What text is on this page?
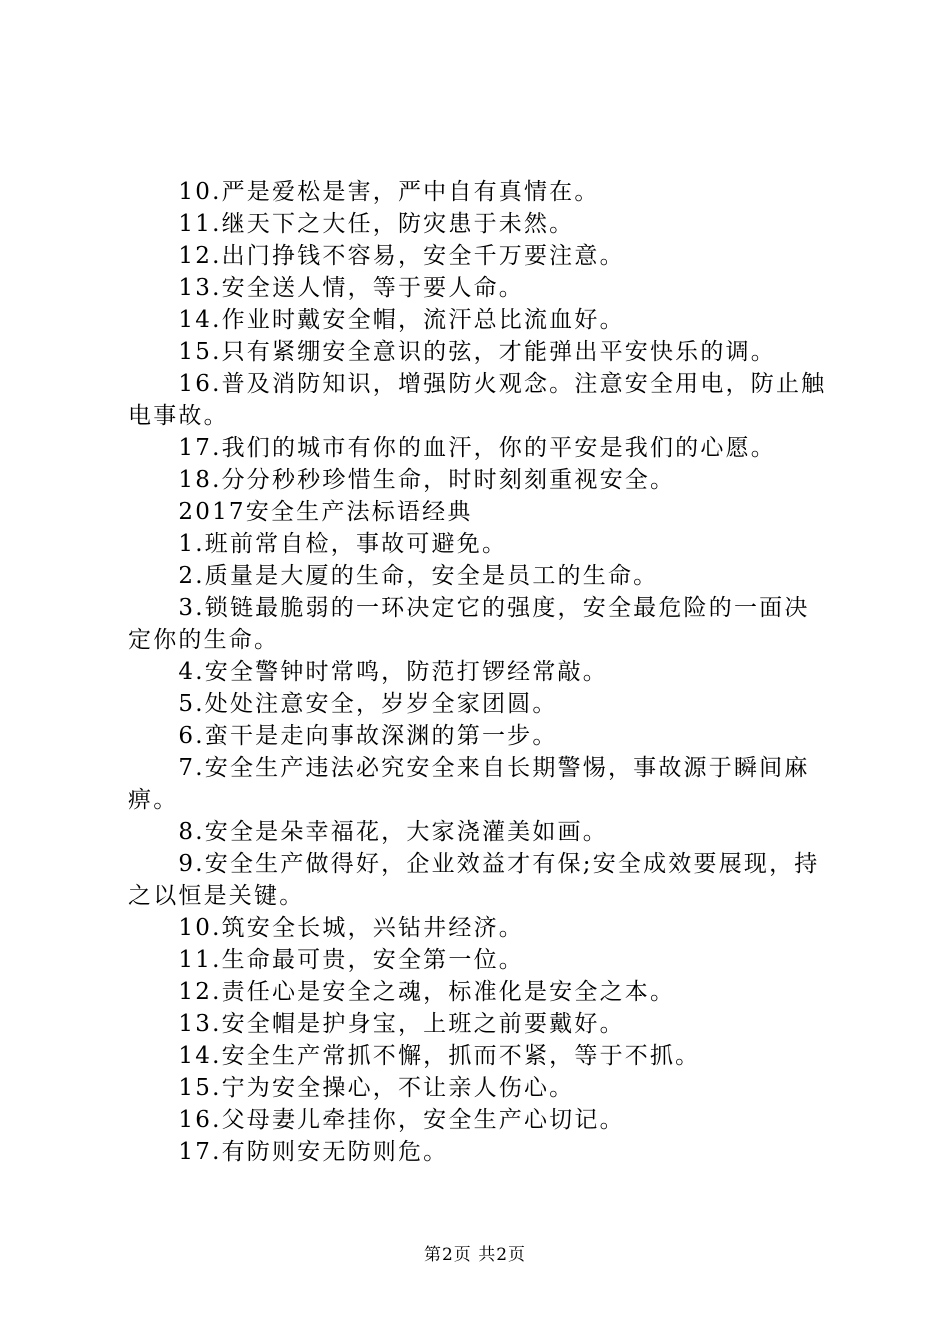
　　10.严是爱松是害，严中自有真情在。
　　11.继天下之大任，防灾患于未然。
　　12.出门挣钱不容易，安全千万要注意。
　　13.安全送人情，等于要人命。
　　14.作业时戴安全帽，流汗总比流血好。
　　15.只有紧绷安全意识的弦，才能弹出平安快乐的调。
　　16.普及消防知识，增强防火观念。注意安全用电，防止触
电事故。
　　17.我们的城市有你的血汗，你的平安是我们的心愿。
　　18.分分秒秒珍惜生命，时时刻刻重视安全。
　　2017安全生产法标语经典
　　1.班前常自检，事故可避免。
　　2.质量是大厦的生命，安全是员工的生命。
　　3.锁链最脆弱的一环决定它的强度，安全最危险的一面决
定你的生命。
　　4.安全警钟时常鸣，防范打锣经常敲。
　　5.处处注意安全，岁岁全家团圆。
　　6.蛮干是走向事故深渊的第一步。
　　7.安全生产违法必究安全来自长期警惕，事故源于瞬间麻
痹。
　　8.安全是朵幸福花，大家浇灌美如画。
　　9.安全生产做得好，企业效益才有保;安全成效要展现，持
之以恒是关键。
　　10.筑安全长城，兴钻井经济。
　　11.生命最可贵，安全第一位。
　　12.责任心是安全之魂，标准化是安全之本。
　　13.安全帽是护身宝，上班之前要戴好。
　　14.安全生产常抓不懈，抓而不紧，等于不抓。
　　15.宁为安全操心，不让亲人伤心。
　　16.父母妻儿牵挂你，安全生产心切记。
　　17.有防则安无防则危。
第2页 共2页
